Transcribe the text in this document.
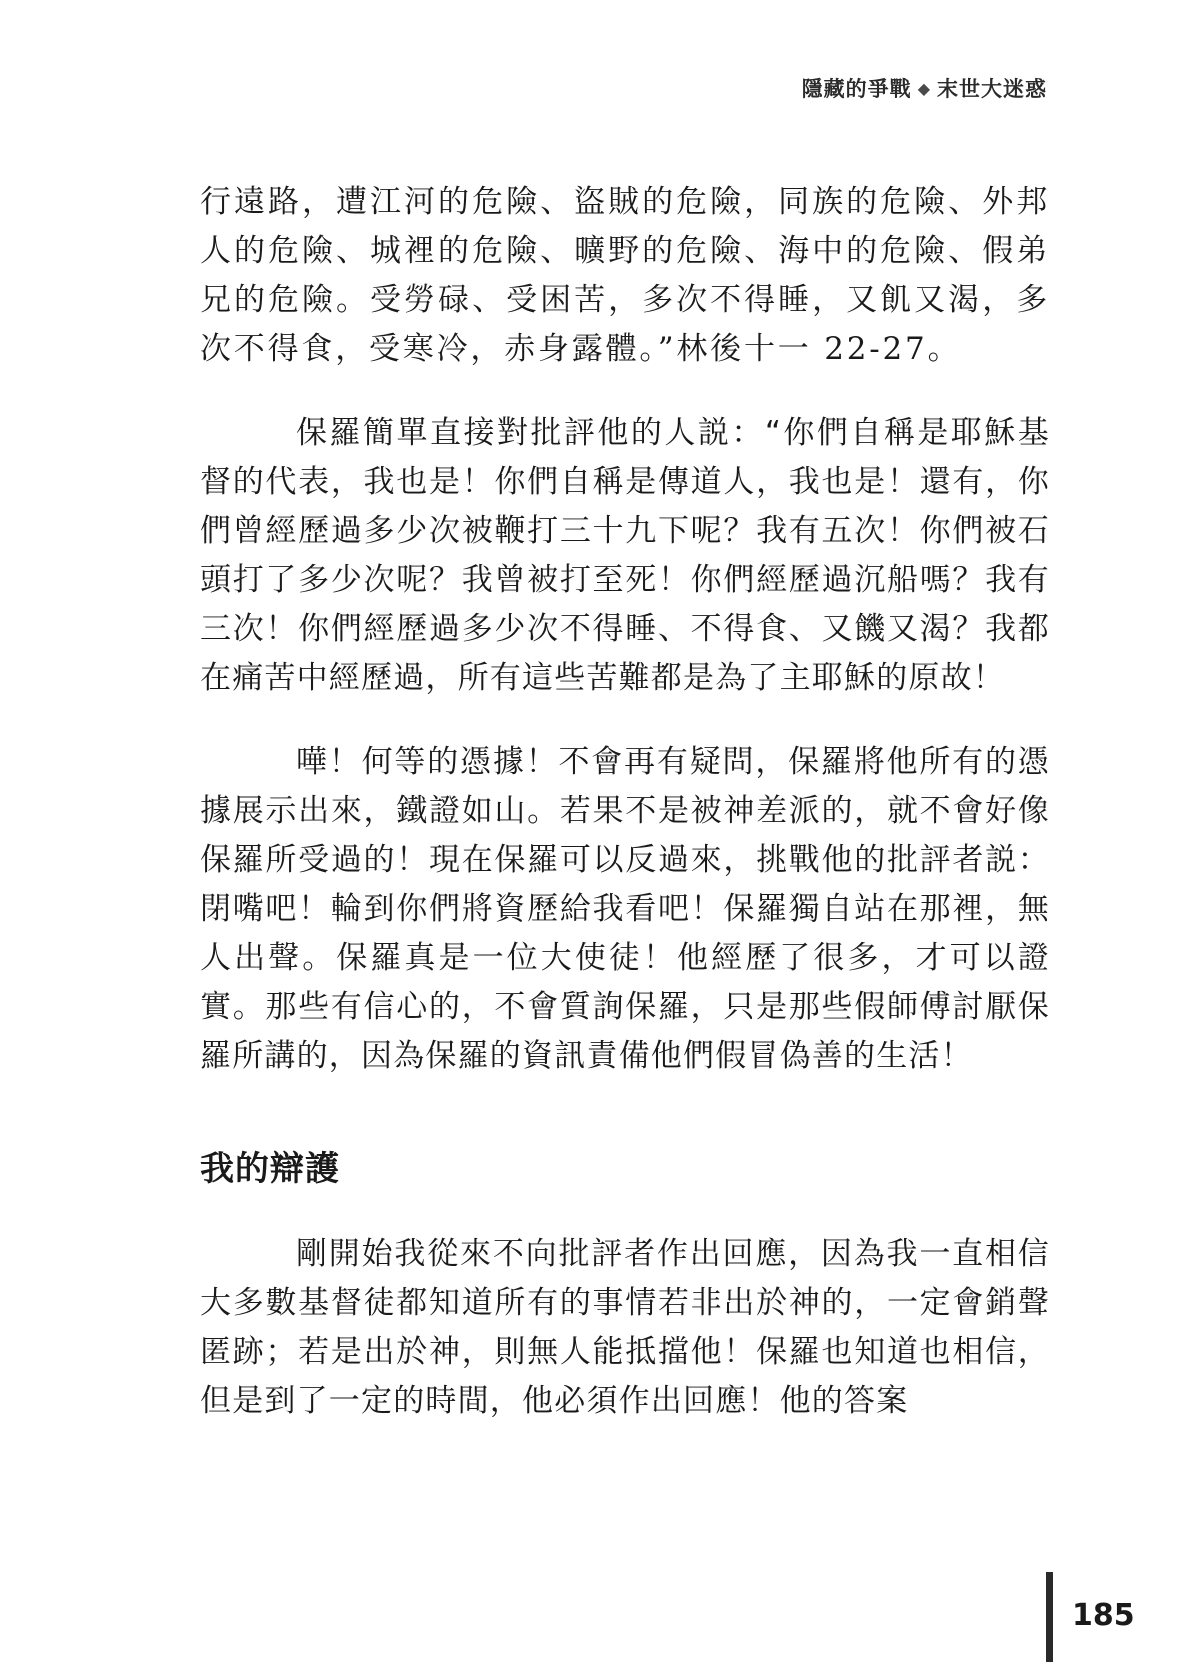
隱藏的爭戰 ◆ 末世大迷惑

行遠路，遭江河的危險、盜賊的危險，同族的危險、外邦人的危險、城裡的危險、曠野的危險、海中的危險、假弟兄的危險。受勞碌、受困苦，多次不得睡，又飢又渴，多次不得食，受寒冷，赤身露體。”林後十一 22-27。

保羅簡單直接對批評他的人説：“你們自稱是耶穌基督的代表，我也是！你們自稱是傳道人，我也是！還有，你們曾經歷過多少次被鞭打三十九下呢？我有五次！你們被石頭打了多少次呢？我曾被打至死！你們經歷過沉船嗎？我有三次！你們經歷過多少次不得睡、不得食、又饑又渴？我都在痛苦中經歷過，所有這些苦難都是為了主耶穌的原故！

嘩！何等的憑據！不會再有疑問，保羅將他所有的憑據展示出來，鐵證如山。若果不是被神差派的，就不會好像保羅所受過的！現在保羅可以反過來，挑戰他的批評者説：閉嘴吧！輪到你們將資歷給我看吧！保羅獨自站在那裡，無人出聲。保羅真是一位大使徒！他經歷了很多，才可以證實。那些有信心的，不會質詢保羅，只是那些假師傅討厭保羅所講的，因為保羅的資訊責備他們假冒偽善的生活！

我的辯護

剛開始我從來不向批評者作出回應，因為我一直相信大多數基督徒都知道所有的事情若非出於神的，一定會銷聲匿跡；若是出於神，則無人能抵擋他！保羅也知道也相信，但是到了一定的時間，他必須作出回應！他的答案

185
